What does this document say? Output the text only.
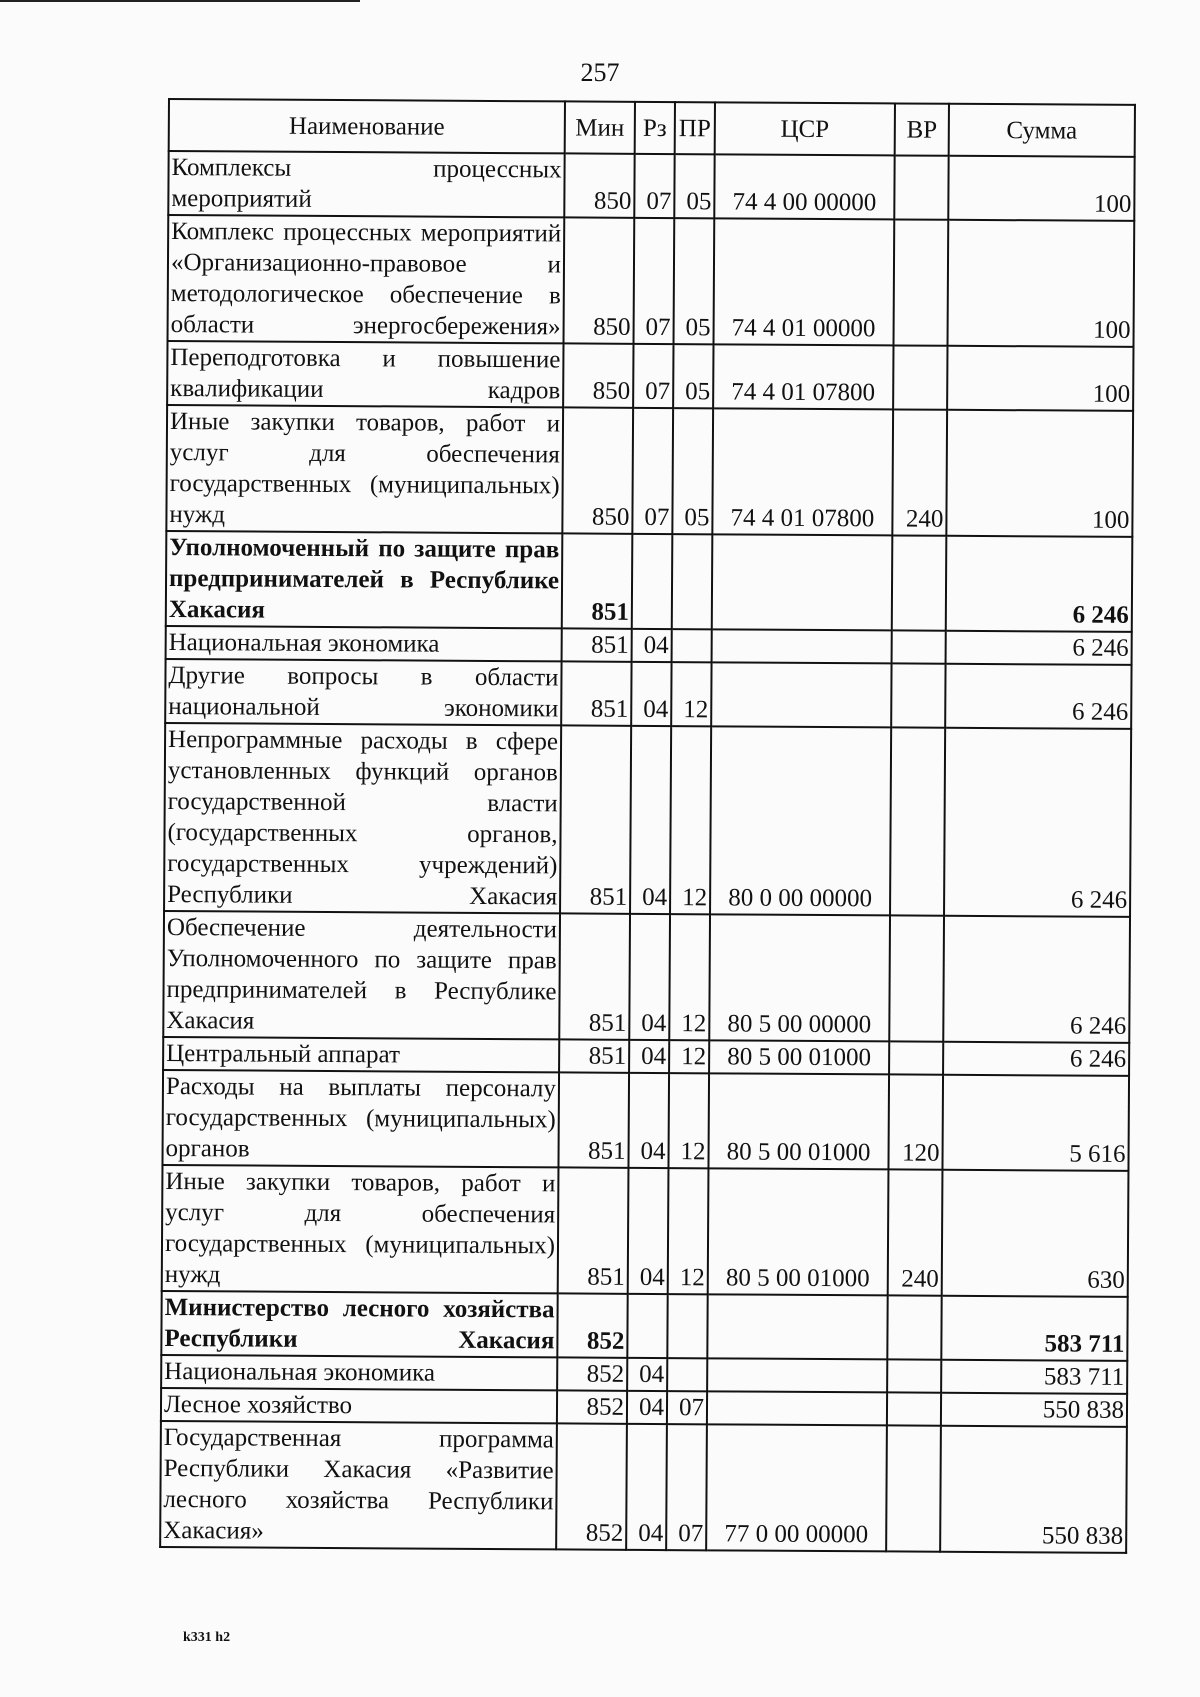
257
Наименование	Мин	Рз	ПР	ЦСР	ВР	Сумма
Комплексы процессных мероприятий	850	07	05	74 4 00 00000		100
Комплекс процессных мероприятий «Организационно-правовое и методологическое обеспечение в области энергосбережения»	850	07	05	74 4 01 00000		100
Переподготовка и повышение квалификации кадров	850	07	05	74 4 01 07800		100
Иные закупки товаров, работ и услуг для обеспечения государственных (муниципальных) нужд	850	07	05	74 4 01 07800	240	100
Уполномоченный по защите прав предпринимателей в Республике Хакасия	851					6 246
Национальная экономика	851	04				6 246
Другие вопросы в области национальной экономики	851	04	12			6 246
Непрограммные расходы в сфере установленных функций органов государственной власти (государственных органов, государственных учреждений) Республики Хакасия	851	04	12	80 0 00 00000		6 246
Обеспечение деятельности Уполномоченного по защите прав предпринимателей в Республике Хакасия	851	04	12	80 5 00 00000		6 246
Центральный аппарат	851	04	12	80 5 00 01000		6 246
Расходы на выплаты персоналу государственных (муниципальных) органов	851	04	12	80 5 00 01000	120	5 616
Иные закупки товаров, работ и услуг для обеспечения государственных (муниципальных) нужд	851	04	12	80 5 00 01000	240	630
Министерство лесного хозяйства Республики Хакасия	852					583 711
Национальная экономика	852	04				583 711
Лесное хозяйство	852	04	07			550 838
Государственная программа Республики Хакасия «Развитие лесного хозяйства Республики Хакасия»	852	04	07	77 0 00 00000		550 838
k331 h2
